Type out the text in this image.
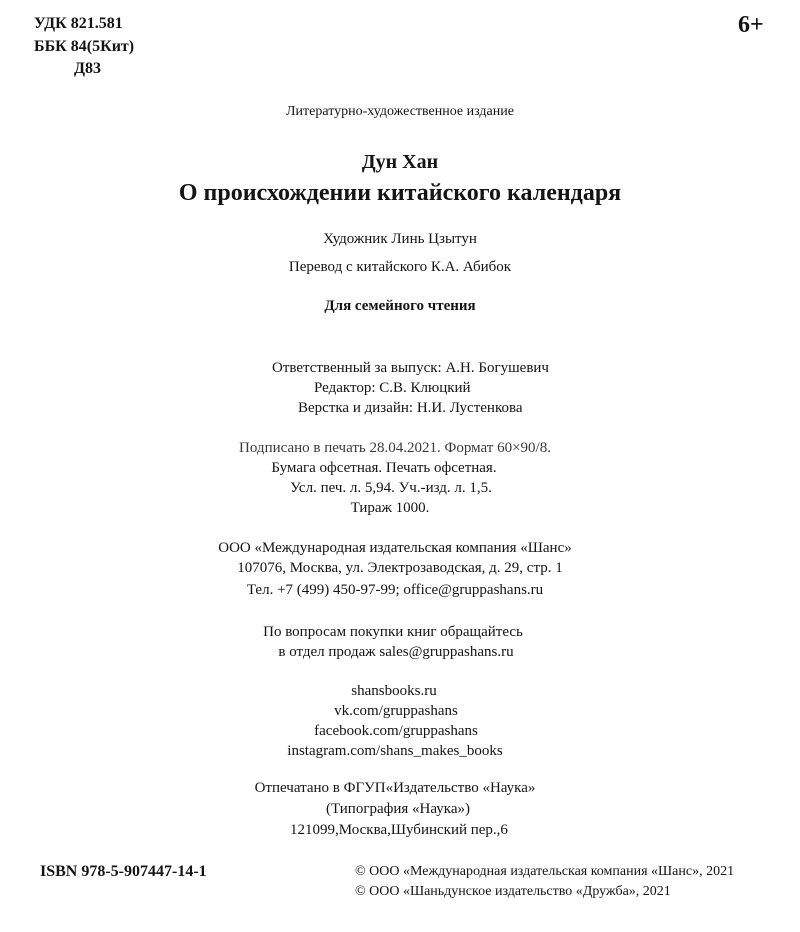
УДК 821.581
ББК 84(5Кит)
Д83
6+
Литературно-художественное издание
Дун Хан
О происхождении китайского календаря
Художник Линь Цзытун
Перевод с китайского К.А. Абибок
Для семейного чтения
Ответственный за выпуск: А.Н. Богушевич
Редактор: С.В. Клюцкий
Верстка и дизайн: Н.И. Лустенкова
Подписано в печать 28.04.2021. Формат 60×90/8.
Бумага офсетная. Печать офсетная.
Усл. печ. л. 5,94. Уч.-изд. л. 1,5.
Тираж 1000.
ООО «Международная издательская компания «Шанс»
107076, Москва, ул. Электрозаводская, д. 29, стр. 1
Тел. +7 (499) 450-97-99; office@gruppashans.ru
По вопросам покупки книг обращайтесь
в отдел продаж sales@gruppashans.ru
shansbooks.ru
vk.com/gruppashans
facebook.com/gruppashans
instagram.com/shans_makes_books
Отпечатано в ФГУП«Издательство «Наука»
(Типография «Наука»)
121099,Москва,Шубинский пер.,6
ISBN 978-5-907447-14-1	© ООО «Международная издательская компания «Шанс», 2021
© ООО «Шаньдунское издательство «Дружба», 2021
